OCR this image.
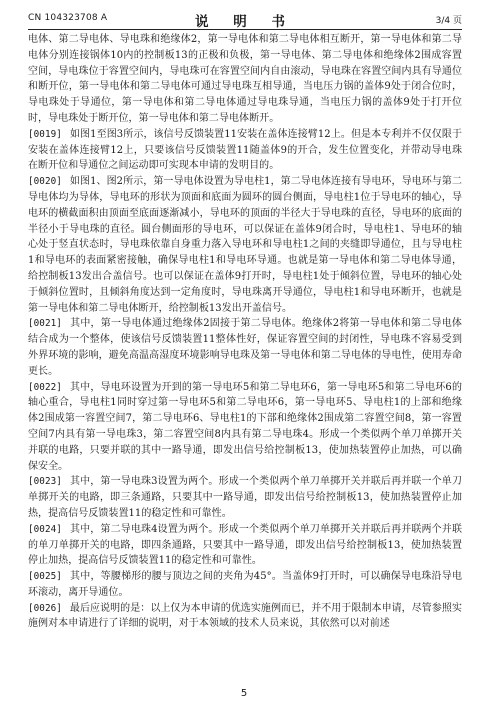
CN 104323708 A	说 明 书	3/4 页

电体、第二导电体、导电珠和绝缘体2，第一导电体和第二导电体相互断开，第一导电体和第二导电体分别连接锅体10内的控制板13的正极和负极，第一导电体、第二导电体和绝缘体2围成容置空间，导电珠位于容置空间内，导电珠可在容置空间内自由滚动，导电珠在容置空间内具有导通位和断开位，第一导电体和第二导电体可通过导电珠互相导通，当电压力锅的盖体9处于闭合位时，导电珠处于导通位，第一导电体和第二导电体通过导电珠导通，当电压力锅的盖体9处于打开位时，导电珠处于断开位，第一导电体和第二导电体断开。

[0019] 如图1至图3所示，该信号反馈装置11安装在盖体连接臂12上。但是本专利并不仅仅限于安装在盖体连接臂12上，只要该信号反馈装置11随盖体9的开合，发生位置变化，并带动导电珠在断开位和导通位之间运动即可实现本申请的发明目的。

[0020] 如图1、图2所示，第一导电体设置为导电柱1，第二导电体连接有导电环，导电环与第二导电体均为导体，导电环的形状为顶面和底面为圆环的圆台侧面，导电柱1位于导电环的轴心，导电环的横截面积由顶面至底面逐渐减小，导电环的顶面的半径大于导电珠的直径，导电环的底面的半径小于导电珠的直径。圆台侧面形的导电环，可以保证在盖体9闭合时，导电柱1、导电环的轴心处于竖直状态时，导电珠依靠自身重力落入导电环和导电柱1之间的夹缝即导通位，且与导电柱1和导电环的表面紧密接触，确保导电柱1和导电环导通。也就是第一导电体和第二导电体导通，给控制板13发出合盖信号。也可以保证在盖体9打开时，导电柱1处于倾斜位置，导电环的轴心处于倾斜位置时，且倾斜角度达到一定角度时，导电珠离开导通位，导电柱1和导电环断开，也就是第一导电体和第二导电体断开，给控制板13发出开盖信号。

[0021] 其中，第一导电体通过绝缘体2固接于第二导电体。绝缘体2将第一导电体和第二导电体结合成为一个整体，使该信号反馈装置11整体性好，保证容置空间的封闭性，导电珠不容易受到外界环境的影响，避免高温高湿度环境影响导电珠及第一导电体和第二导电体的导电性，使用寿命更长。

[0022] 其中，导电环设置为开到的第一导电环5和第二导电环6，第一导电环5和第二导电环6的轴心重合，导电柱1同时穿过第一导电环5和第二导电环6，第一导电环5、导电柱1的上部和绝缘体2围成第一容置空间7，第二导电环6、导电柱1的下部和绝缘体2围成第二容置空间8，第一容置空间7内具有第一导电珠3，第二容置空间8内具有第二导电珠4。形成一个类似两个单刀单掷开关并联的电路，只要并联的其中一路导通，即发出信号给控制板13，使加热装置停止加热，可以确保安全。

[0023] 其中，第一导电珠3设置为两个。形成一个类似两个单刀单掷开关并联后再并联一个单刀单掷开关的电路，即三条通路，只要其中一路导通，即发出信号给控制板13，使加热装置停止加热，提高信号反馈装置11的稳定性和可靠性。

[0024] 其中，第二导电珠4设置为两个。形成一个类似两个单刀单掷开关并联后再并联两个并联的单刀单掷开关的电路，即四条通路，只要其中一路导通，即发出信号给控制板13，使加热装置停止加热，提高信号反馈装置11的稳定性和可靠性。

[0025] 其中，等腰梯形的腰与顶边之间的夹角为45°。当盖体9打开时，可以确保导电珠沿导电环滚动，离开导通位。

[0026] 最后应说明的是：以上仅为本申请的优选实施例而已，并不用于限制本申请，尽管参照实施例对本申请进行了详细的说明，对于本领域的技术人员来说，其依然可以对前述

5
